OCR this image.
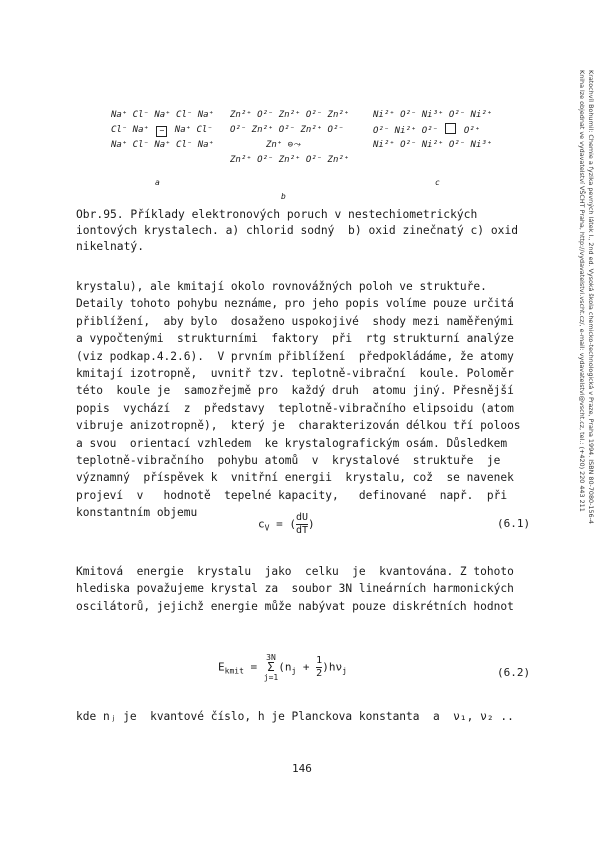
Na⁺ Cl⁻ Na⁺ Cl⁻ Na⁺
Cl⁻ Na⁺ − Na⁺ Cl⁻
Na⁺ Cl⁻ Na⁺ Cl⁻ Na⁺
a
Zn²⁺ O²⁻ Zn²⁺ O²⁻ Zn²⁺
O²⁻ Zn²⁺ O²⁻ Zn²⁺ O²⁻
Zn⁺ ⊖⤳
Zn²⁺ O²⁻ Zn²⁺ O²⁻ Zn²⁺
b
Ni²⁺ O²⁻ Ni³⁺ O²⁻ Ni²⁺
O²⁻ Ni²⁺ O²⁻  O²⁺
Ni²⁺ O²⁻ Ni²⁺ O²⁻ Ni³⁺
c
Obr.95. Příklady elektronových poruch v nestechiometrických
iontových krystalech. a) chlorid sodný  b) oxid zinečnatý c) oxid
nikelnatý.
krystalu), ale kmitají okolo rovnovážných poloh ve struktuře.
Detaily tohoto pohybu neznáme, pro jeho popis volíme pouze určitá
přiblížení,  aby bylo  dosaženo uspokojivé  shody mezi naměřenými
a vypočtenými  strukturními  faktory  při  rtg strukturní analýze
(viz podkap.4.2.6).  V prvním přiblížení  předpokládáme, že atomy
kmitají izotropně,  uvnitř tzv. teplotně-vibrační  koule. Poloměr
této  koule je  samozřejmě pro  každý druh  atomu jiný. Přesnější
popis  vychází  z  představy  teplotně-vibračního elipsoidu (atom
vibruje anizotropně),  který je  charakterizován délkou tří poloos
a svou  orientací vzhledem  ke krystalografickým osám. Důsledkem
teplotně-vibračního  pohybu atomů  v  krystalové  struktuře  je
významný  příspěvek k  vnitřní energii  krystalu, což  se navenek
projeví  v   hodnotě  tepelné kapacity,   definované  např.  při
konstantním objemu
$c_V$ = ( $\frac{dU}{dT}$ )	(6.1)
Kmitová  energie  krystalu  jako  celku  je  kvantována. Z tohoto
hlediska považujeme krystal za  soubor 3N lineárních harmonických
oscilátorů, jejichž energie může nabývat pouze diskrétních hodnot
$E_{kmit}$ =
3N
Σ
j=1
$(n_j + \frac{1}{2} )h\nu_j$	(6.2)
kde nⱼ je  kvantové číslo, h je Planckova konstanta  a  ν₁, ν₂ ..
146
Kratochvíl Bohumil: Chemie a fyzika pevných látek I., 2nd ed. Vysoká škola chemicko-technologická v Praze, Praha 1994. ISBN 80-7080-156-4
Kniha lze objednat ve vydavatelství VŠCHT Praha, http://vydavatelstvi.vscht.cz/, e-mail: vydavatelstvi@vscht.cz, tel.: (+420) 220 443 211
